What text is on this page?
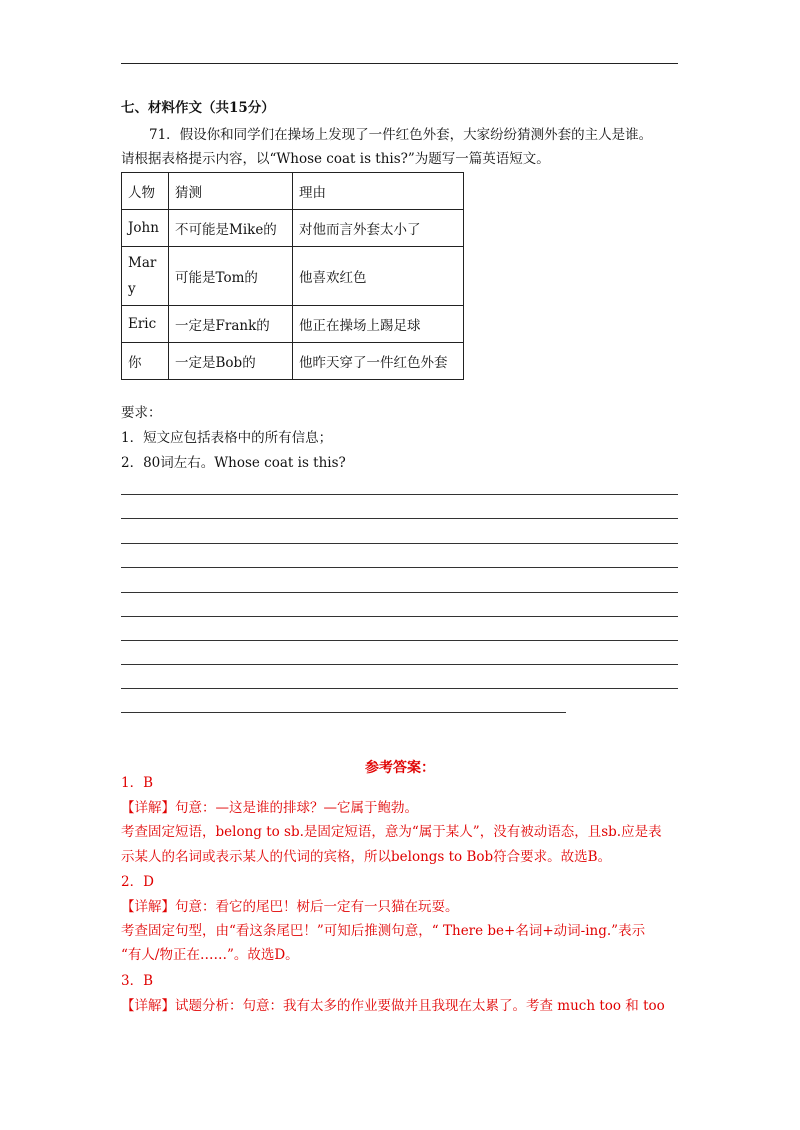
七、材料作文（共15分）
71．假设你和同学们在操场上发现了一件红色外套，大家纷纷猜测外套的主人是谁。
请根据表格提示内容，以“Whose coat is this?”为题写一篇英语短文。
人物	猜测	理由
John	不可能是Mike的	对他而言外套太小了

Mary	可能是Tom的	他喜欢红色
Eric	一定是Frank的	他正在操场上踢足球
你	一定是Bob的	他昨天穿了一件红色外套
要求：
1．短文应包括表格中的所有信息；
2．80词左右。Whose coat is this?
参考答案：
1．B
【详解】句意：—这是谁的排球？—它属于鲍勃。
考查固定短语，belong to sb.是固定短语，意为“属于某人”，没有被动语态，且sb.应是表
示某人的名词或表示某人的代词的宾格，所以belongs to Bob符合要求。故选B。
2．D
【详解】句意：看它的尾巴！树后一定有一只猫在玩耍。
考查固定句型，由“看这条尾巴！”可知后推测句意，“ There be+名词+动词-ing.”表示
“有人/物正在……”。故选D。
3．B
【详解】试题分析：句意：我有太多的作业要做并且我现在太累了。考查 much too 和 too
